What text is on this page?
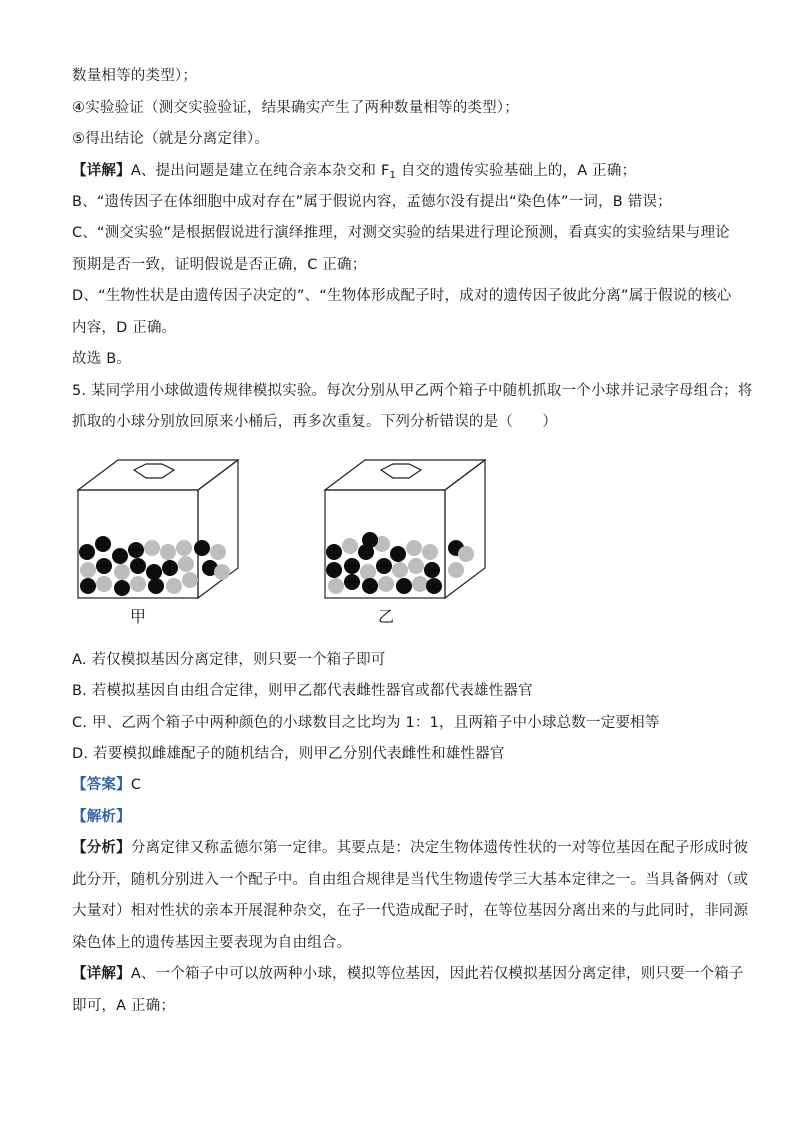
数量相等的类型）；
④实验验证（测交实验验证，结果确实产生了两种数量相等的类型）；
⑤得出结论（就是分离定律）。
【详解】A、提出问题是建立在纯合亲本杂交和 $F_1$ 自交的遗传实验基础上的，A 正确；
B、“遗传因子在体细胞中成对存在”属于假说内容，孟德尔没有提出“染色体”一词，B 错误；
C、“测交实验”是根据假说进行演绎推理，对测交实验的结果进行理论预测，看真实的实验结果与理论
预期是否一致，证明假说是否正确，C 正确；
D、“生物性状是由遗传因子决定的”、“生物体形成配子时，成对的遗传因子彼此分离”属于假说的核心
内容，D 正确。
故选 B。
5. 某同学用小球做遗传规律模拟实验。每次分别从甲乙两个箱子中随机抓取一个小球并记录字母组合；将
抓取的小球分别放回原来小桶后，再多次重复。下列分析错误的是（　　）
甲	乙
A. 若仅模拟基因分离定律，则只要一个箱子即可
B. 若模拟基因自由组合定律，则甲乙都代表雌性器官或都代表雄性器官
C. 甲、乙两个箱子中两种颜色的小球数目之比均为 1：1，且两箱子中小球总数一定要相等
D. 若要模拟雌雄配子的随机结合，则甲乙分别代表雌性和雄性器官
【答案】C
【解析】
【分析】分离定律又称孟德尔第一定律。其要点是：决定生物体遗传性状的一对等位基因在配子形成时彼
此分开，随机分别进入一个配子中。自由组合规律是当代生物遗传学三大基本定律之一。当具备俩对（或
大量对）相对性状的亲本开展混种杂交，在子一代造成配子时，在等位基因分离出来的与此同时，非同源
染色体上的遗传基因主要表现为自由组合。
【详解】A、一个箱子中可以放两种小球，模拟等位基因，因此若仅模拟基因分离定律，则只要一个箱子
即可，A 正确；
